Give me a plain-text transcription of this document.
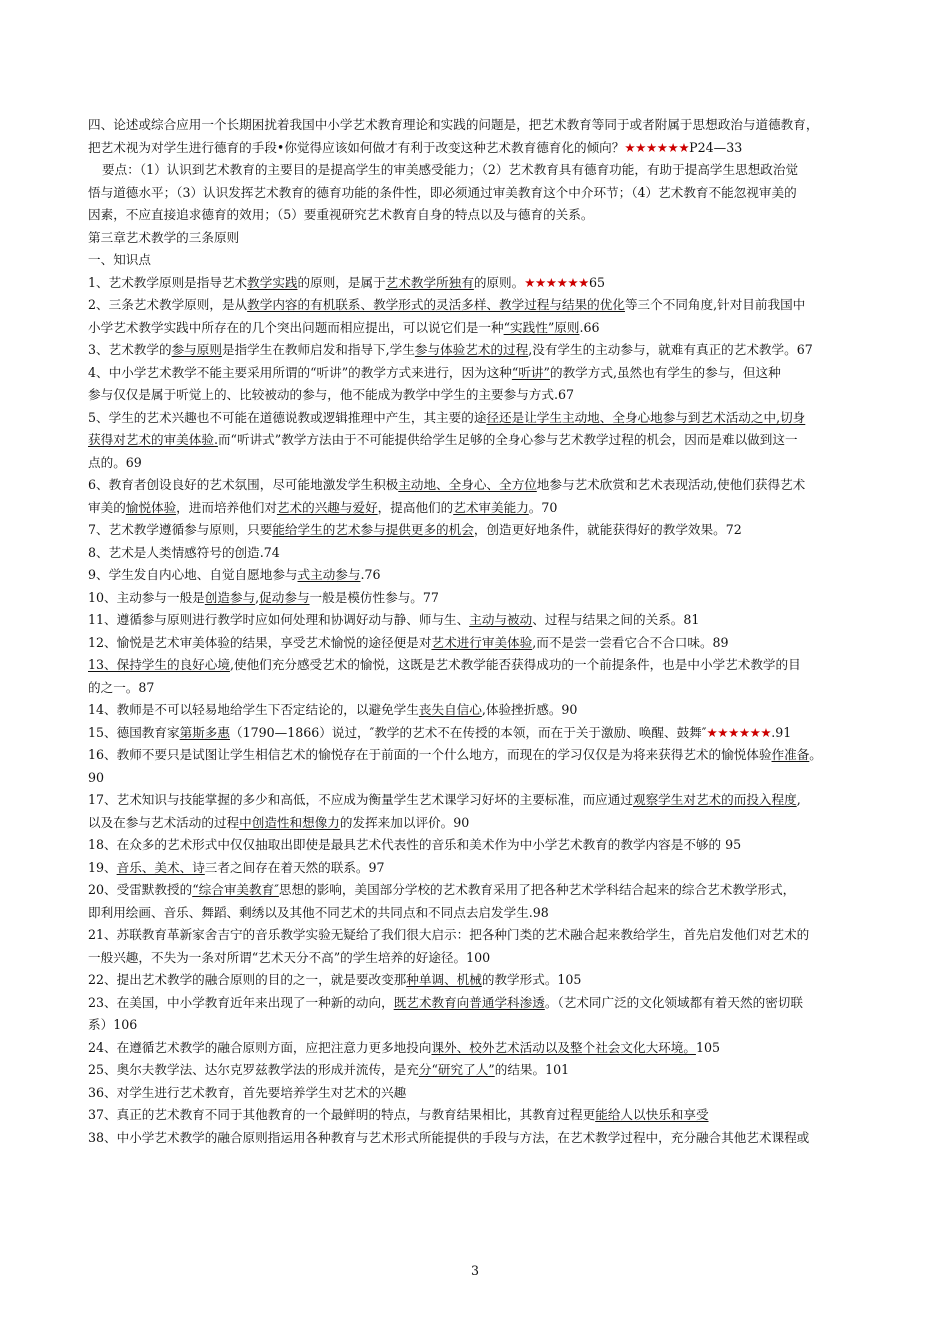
四、论述或综合应用一个长期困扰着我国中小学艺术教育理论和实践的问题是，把艺术教育等同于或者附属于思想政治与道德教育，
把艺术视为对学生进行德育的手段•你觉得应该如何做才有利于改变这种艺术教育德育化的倾向？★★★★★★P24—33

要点：（1）认识到艺术教育的主要目的是提高学生的审美感受能力；（2）艺术教育具有德育功能，有助于提高学生思想政治觉

悟与道德水平；（3）认识发挥艺术教育的德育功能的条件性，即必须通过审美教育这个中介环节；（4）艺术教育不能忽视审美的
因素，不应直接追求德育的效用；（5）要重视研究艺术教育自身的特点以及与德育的关系。

第三章艺术教学的三条原则

一、知识点

1、艺术教学原则是指导艺术教学实践的原则，是属于艺术教学所独有的原则。★★★★★★65

2、三条艺术教学原则，是从教学内容的有机联系、教学形式的灵活多样、教学过程与结果的优化等三个不同角度,针对目前我国中
小学艺术教学实践中所存在的几个突出问题而相应提出，可以说它们是一种“实践性”原则.66

3、艺术教学的参与原则是指学生在教师启发和指导下,学生参与体验艺术的过程,没有学生的主动参与，就难有真正的艺术教学。67

4、中小学艺术教学不能主要采用所谓的“听讲”的教学方式来进行，因为这种“听讲”的教学方式,虽然也有学生的参与，但这种
参与仅仅是属于听觉上的、比较被动的参与，他不能成为教学中学生的主要参与方式.67

5、学生的艺术兴趣也不可能在道德说教或逻辑推理中产生，其主要的途径还是让学生主动地、全身心地参与到艺术活动之中,切身
获得对艺术的审美体验.而“听讲式”教学方法由于不可能提供给学生足够的全身心参与艺术教学过程的机会，因而是难以做到这一
点的。69

6、教育者创设良好的艺术氛围，尽可能地激发学生积极主动地、全身心、全方位地参与艺术欣赏和艺术表现活动,使他们获得艺术
审美的愉悦体验，进而培养他们对艺术的兴趣与爱好，提高他们的艺术审美能力。70

7、艺术教学遵循参与原则，只要能给学生的艺术参与提供更多的机会，创造更好地条件，就能获得好的教学效果。72

8、艺术是人类情感符号的创造.74

9、学生发自内心地、自觉自愿地参与式主动参与.76

10、主动参与一般是创造参与,促动参与一般是模仿性参与。77

11、遵循参与原则进行教学时应如何处理和协调好动与静、师与生、主动与被动、过程与结果之间的关系。81

12、愉悦是艺术审美体验的结果，享受艺术愉悦的途径便是对艺术进行审美体验,而不是尝一尝看它合不合口味。89

13、保持学生的良好心境,使他们充分感受艺术的愉悦，这既是艺术教学能否获得成功的一个前提条件，也是中小学艺术教学的目
的之一。87

14、教师是不可以轻易地给学生下否定结论的，以避免学生丧失自信心,体验挫折感。90

15、德国教育家第斯多惠（1790—1866）说过，″教学的艺术不在传授的本领，而在于关于激励、唤醒、鼓舞″★★★★★★.91

16、教师不要只是试图让学生相信艺术的愉悦存在于前面的一个什么地方，而现在的学习仅仅是为将来获得艺术的愉悦体验作准备。
90

17、艺术知识与技能掌握的多少和高低，不应成为衡量学生艺术课学习好坏的主要标准，而应通过观察学生对艺术的而投入程度,
以及在参与艺术活动的过程中创造性和想像力的发挥来加以评价。90

18、在众多的艺术形式中仅仅抽取出即使是最具艺术代表性的音乐和美术作为中小学艺术教育的教学内容是不够的 95

19、音乐、美术、诗三者之间存在着天然的联系。97

20、受雷默教授的“综合审美教育″思想的影响，美国部分学校的艺术教育采用了把各种艺术学科结合起来的综合艺术教学形式，
即利用绘画、音乐、舞蹈、剩绣以及其他不同艺术的共同点和不同点去启发学生.98

21、苏联教育革新家舍吉宁的音乐教学实验无疑给了我们很大启示：把各种门类的艺术融合起来教给学生，首先启发他们对艺术的
一般兴趣，不失为一条对所谓“艺术天分不高”的学生培养的好途径。100

22、提出艺术教学的融合原则的目的之一，就是要改变那种单调、机械的教学形式。105

23、在美国，中小学教育近年来出现了一种新的动向，既艺术教育向普通学科渗透。（艺术同广泛的文化领域都有着天然的密切联
系）106

24、在遵循艺术教学的融合原则方面，应把注意力更多地投向课外、校外艺术活动以及整个社会文化大环境。105

25、奥尔夫教学法、达尔克罗兹教学法的形成并流传，是充分“研究了人”的结果。101

36、对学生进行艺术教育，首先要培养学生对艺术的兴趣

37、真正的艺术教育不同于其他教育的一个最鲜明的特点，与教育结果相比，其教育过程更能给人以快乐和享受

38、中小学艺术教学的融合原则指运用各种教育与艺术形式所能提供的手段与方法，在艺术教学过程中，充分融合其他艺术课程或

3
